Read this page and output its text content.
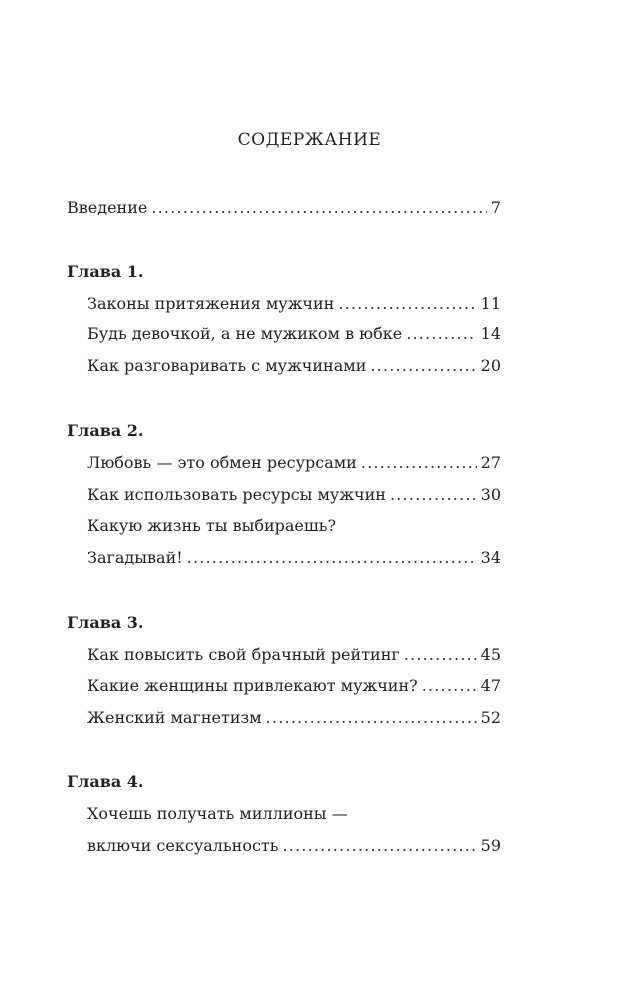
СОДЕРЖАНИЕ
Введение .....	7
Глава 1.
Законы притяжения мужчин .....	11
Будь девочкой, а не мужиком в юбке .....	14
Как разговаривать с мужчинами .....	20
Глава 2.
Любовь — это обмен ресурсами .....	27
Как использовать ресурсы мужчин .....	30
Какую жизнь ты выбираешь?
Загадывай! .....	34
Глава 3.
Как повысить свой брачный рейтинг .....	45
Какие женщины привлекают мужчин? .....	47
Женский магнетизм .....	52
Глава 4.
Хочешь получать миллионы —
включи сексуальность .....	59
